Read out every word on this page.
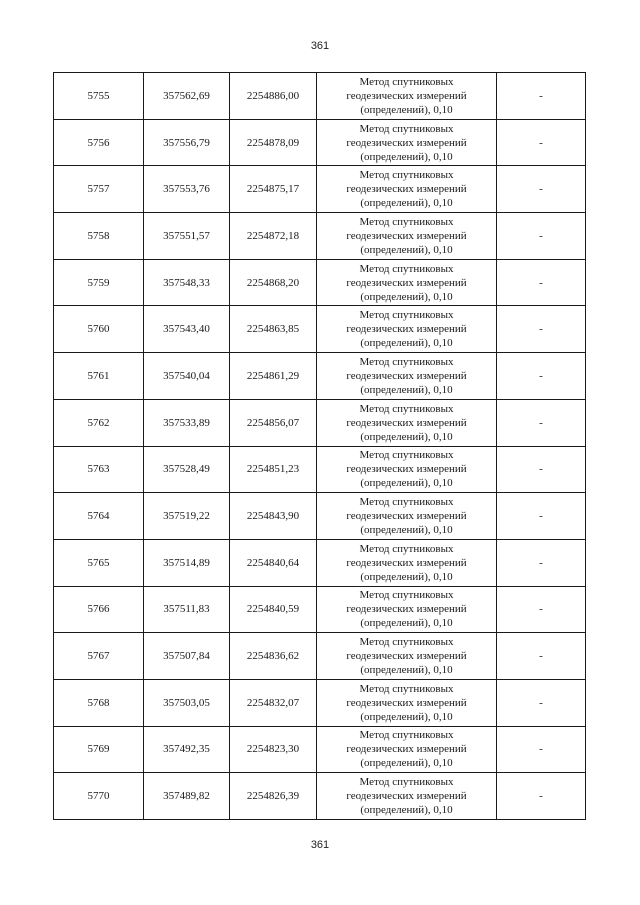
361
5755	357562,69	2254886,00	Метод спутниковых геодезических измерений (определений), 0,10	-
5756	357556,79	2254878,09	Метод спутниковых геодезических измерений (определений), 0,10	-
5757	357553,76	2254875,17	Метод спутниковых геодезических измерений (определений), 0,10	-
5758	357551,57	2254872,18	Метод спутниковых геодезических измерений (определений), 0,10	-
5759	357548,33	2254868,20	Метод спутниковых геодезических измерений (определений), 0,10	-
5760	357543,40	2254863,85	Метод спутниковых геодезических измерений (определений), 0,10	-
5761	357540,04	2254861,29	Метод спутниковых геодезических измерений (определений), 0,10	-
5762	357533,89	2254856,07	Метод спутниковых геодезических измерений (определений), 0,10	-
5763	357528,49	2254851,23	Метод спутниковых геодезических измерений (определений), 0,10	-
5764	357519,22	2254843,90	Метод спутниковых геодезических измерений (определений), 0,10	-
5765	357514,89	2254840,64	Метод спутниковых геодезических измерений (определений), 0,10	-
5766	357511,83	2254840,59	Метод спутниковых геодезических измерений (определений), 0,10	-
5767	357507,84	2254836,62	Метод спутниковых геодезических измерений (определений), 0,10	-
5768	357503,05	2254832,07	Метод спутниковых геодезических измерений (определений), 0,10	-
5769	357492,35	2254823,30	Метод спутниковых геодезических измерений (определений), 0,10	-
5770	357489,82	2254826,39	Метод спутниковых геодезических измерений (определений), 0,10	-
361
